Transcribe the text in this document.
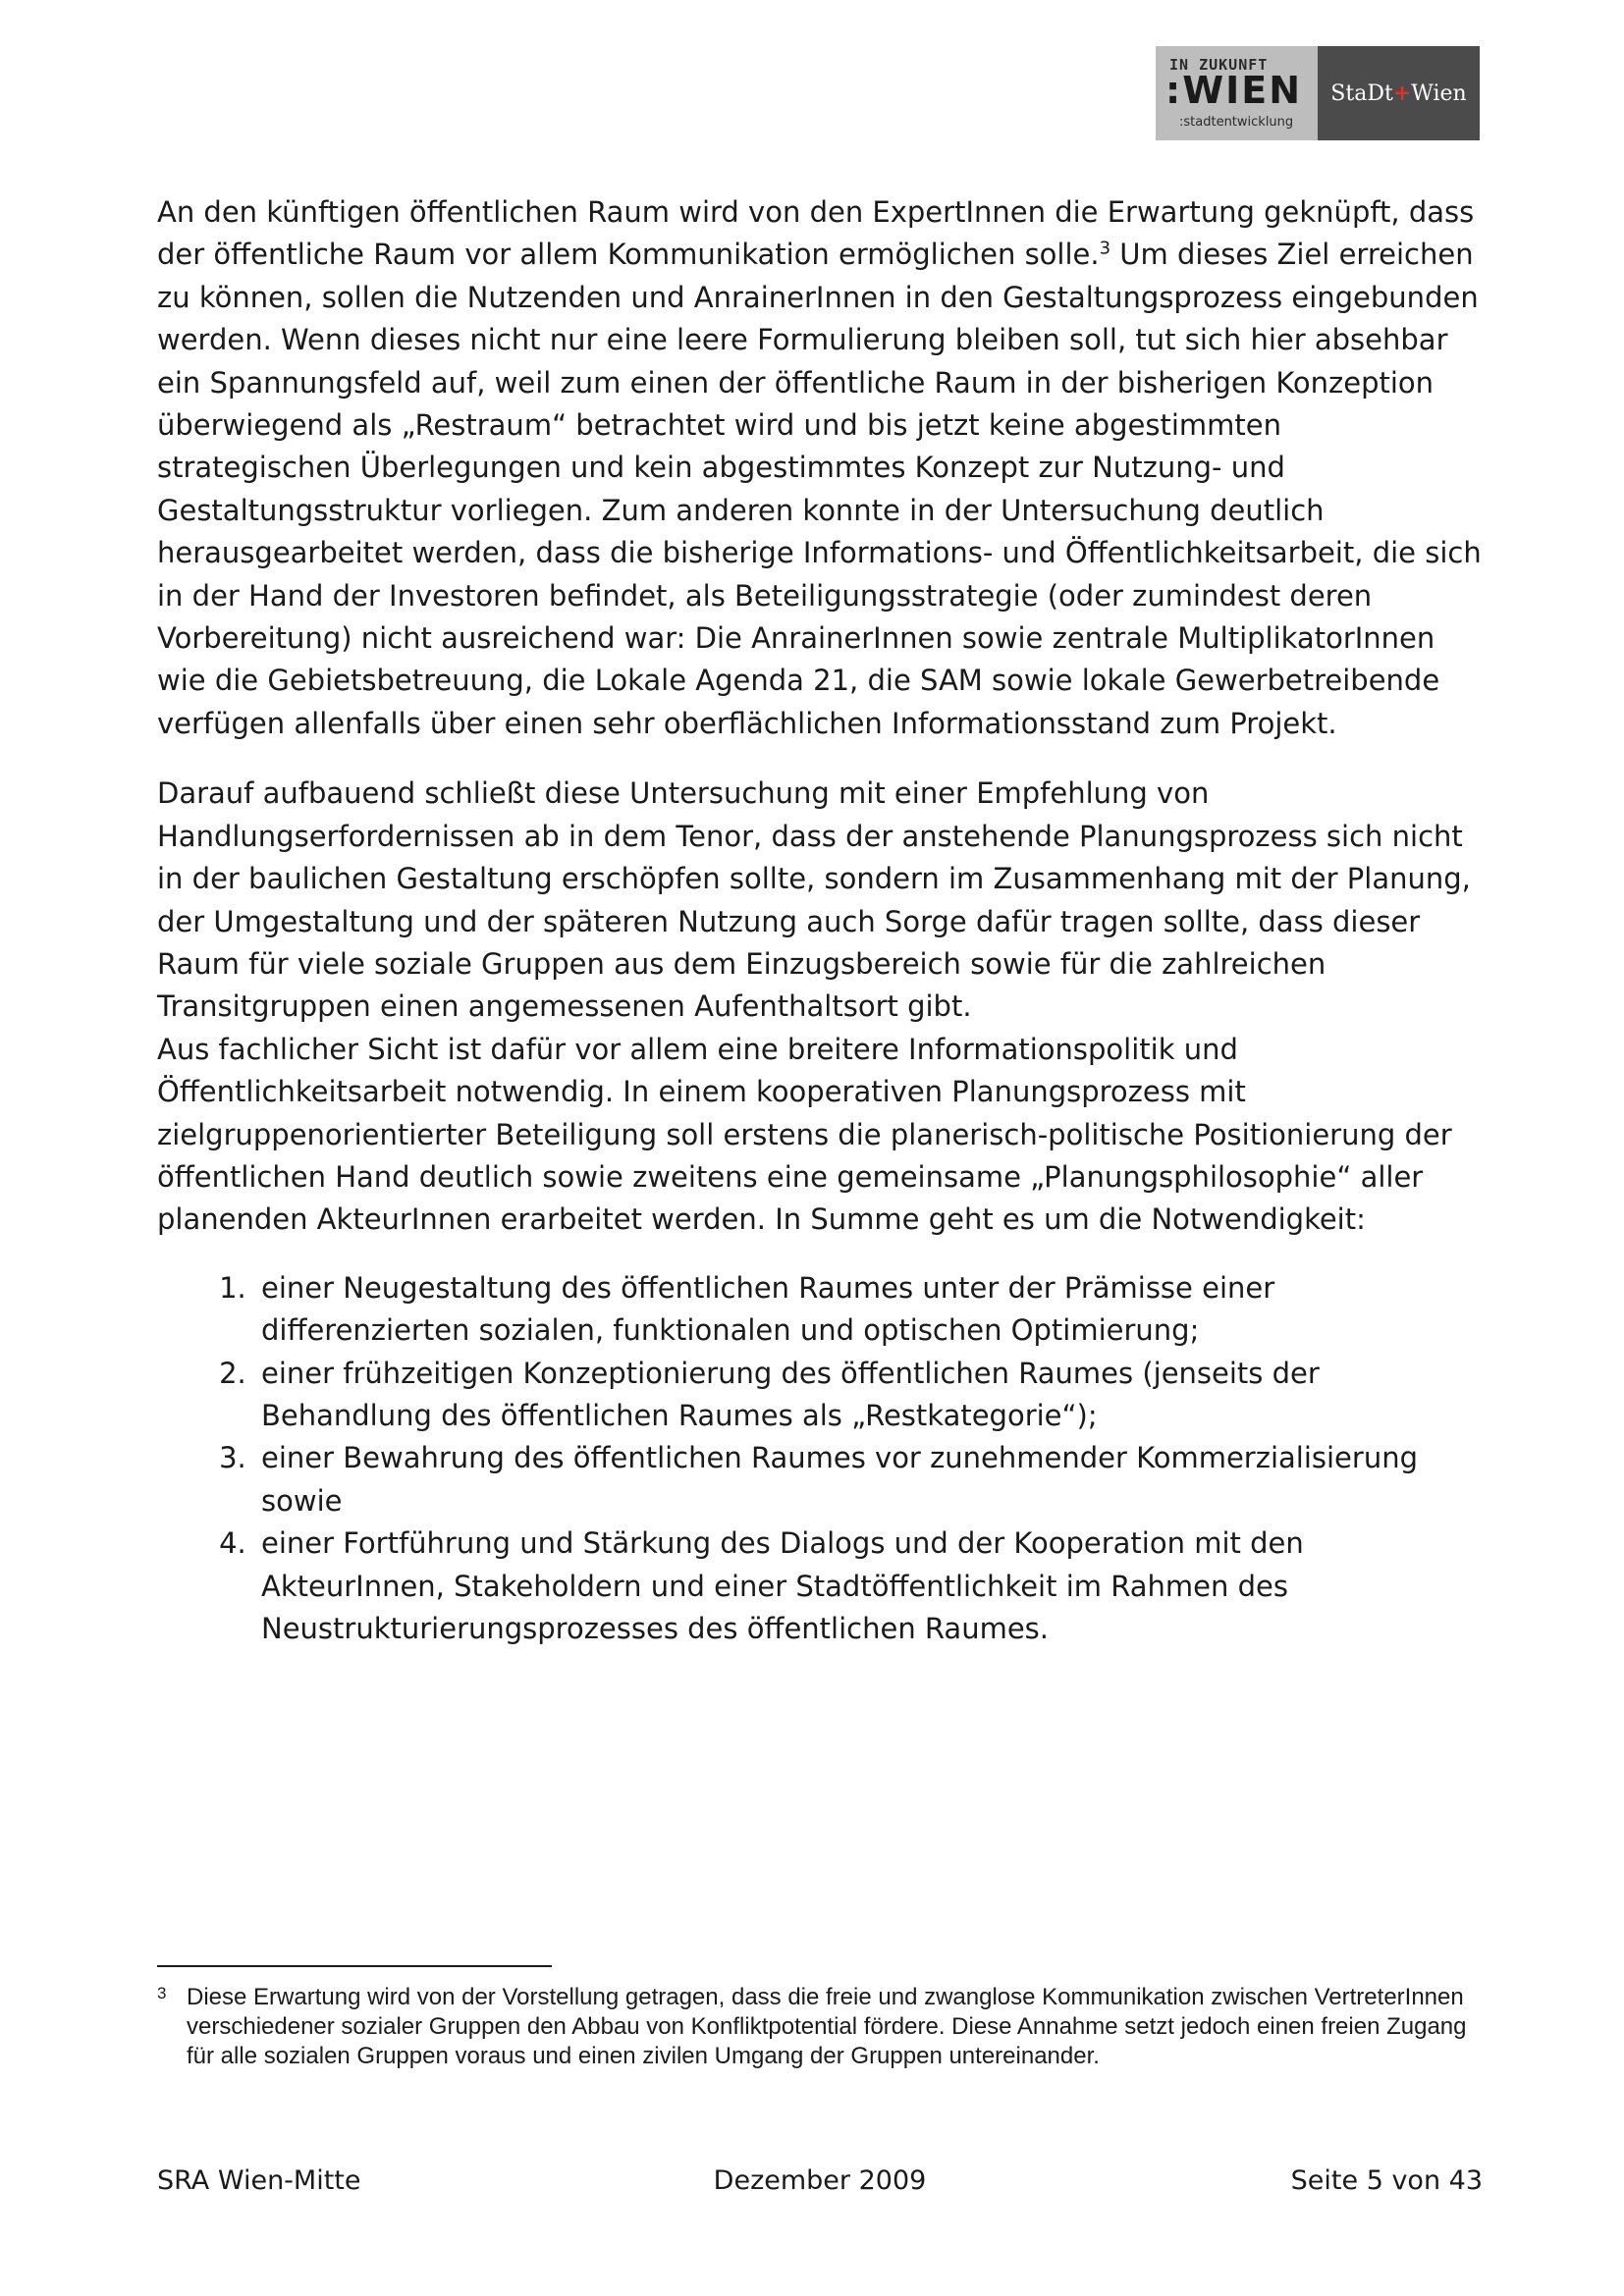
IN ZUKUNFT
:WIEN
:stadtentwicklung
StaDt+Wien

An den künftigen öffentlichen Raum wird von den ExpertInnen die Erwartung geknüpft, dass der öffentliche Raum vor allem Kommunikation ermöglichen solle.$^3$ Um dieses Ziel erreichen zu können, sollen die Nutzenden und AnrainerInnen in den Gestaltungsprozess eingebunden werden. Wenn dieses nicht nur eine leere Formulierung bleiben soll, tut sich hier absehbar ein Spannungsfeld auf, weil zum einen der öffentliche Raum in der bisherigen Konzeption überwiegend als „Restraum“ betrachtet wird und bis jetzt keine abgestimmten strategischen Überlegungen und kein abgestimmtes Konzept zur Nutzung- und Gestaltungsstruktur vorliegen. Zum anderen konnte in der Untersuchung deutlich herausgearbeitet werden, dass die bisherige Informations- und Öffentlichkeitsarbeit, die sich in der Hand der Investoren befindet, als Beteiligungsstrategie (oder zumindest deren Vorbereitung) nicht ausreichend war: Die AnrainerInnen sowie zentrale MultiplikatorInnen wie die Gebietsbetreuung, die Lokale Agenda 21, die SAM sowie lokale Gewerbetreibende verfügen allenfalls über einen sehr oberflächlichen Informationsstand zum Projekt.

Darauf aufbauend schließt diese Untersuchung mit einer Empfehlung von Handlungserfordernissen ab in dem Tenor, dass der anstehende Planungsprozess sich nicht in der baulichen Gestaltung erschöpfen sollte, sondern im Zusammenhang mit der Planung, der Umgestaltung und der späteren Nutzung auch Sorge dafür tragen sollte, dass dieser Raum für viele soziale Gruppen aus dem Einzugsbereich sowie für die zahlreichen Transitgruppen einen angemessenen Aufenthaltsort gibt.

Aus fachlicher Sicht ist dafür vor allem eine breitere Informationspolitik und Öffentlichkeitsarbeit notwendig. In einem kooperativen Planungsprozess mit zielgruppenorientierter Beteiligung soll erstens die planerisch-politische Positionierung der öffentlichen Hand deutlich sowie zweitens eine gemeinsame „Planungsphilosophie“ aller planenden AkteurInnen erarbeitet werden. In Summe geht es um die Notwendigkeit:

1. einer Neugestaltung des öffentlichen Raumes unter der Prämisse einer differenzierten sozialen, funktionalen und optischen Optimierung;
2. einer frühzeitigen Konzeptionierung des öffentlichen Raumes (jenseits der Behandlung des öffentlichen Raumes als „Restkategorie“);
3. einer Bewahrung des öffentlichen Raumes vor zunehmender Kommerzialisierung sowie
4. einer Fortführung und Stärkung des Dialogs und der Kooperation mit den AkteurInnen, Stakeholdern und einer Stadtöffentlichkeit im Rahmen des Neustrukturierungsprozesses des öffentlichen Raumes.
3 Diese Erwartung wird von der Vorstellung getragen, dass die freie und zwanglose Kommunikation zwischen VertreterInnen verschiedener sozialer Gruppen den Abbau von Konfliktpotential fördere. Diese Annahme setzt jedoch einen freien Zugang für alle sozialen Gruppen voraus und einen zivilen Umgang der Gruppen untereinander.
SRA Wien-Mitte	Dezember 2009	Seite 5 von 43
